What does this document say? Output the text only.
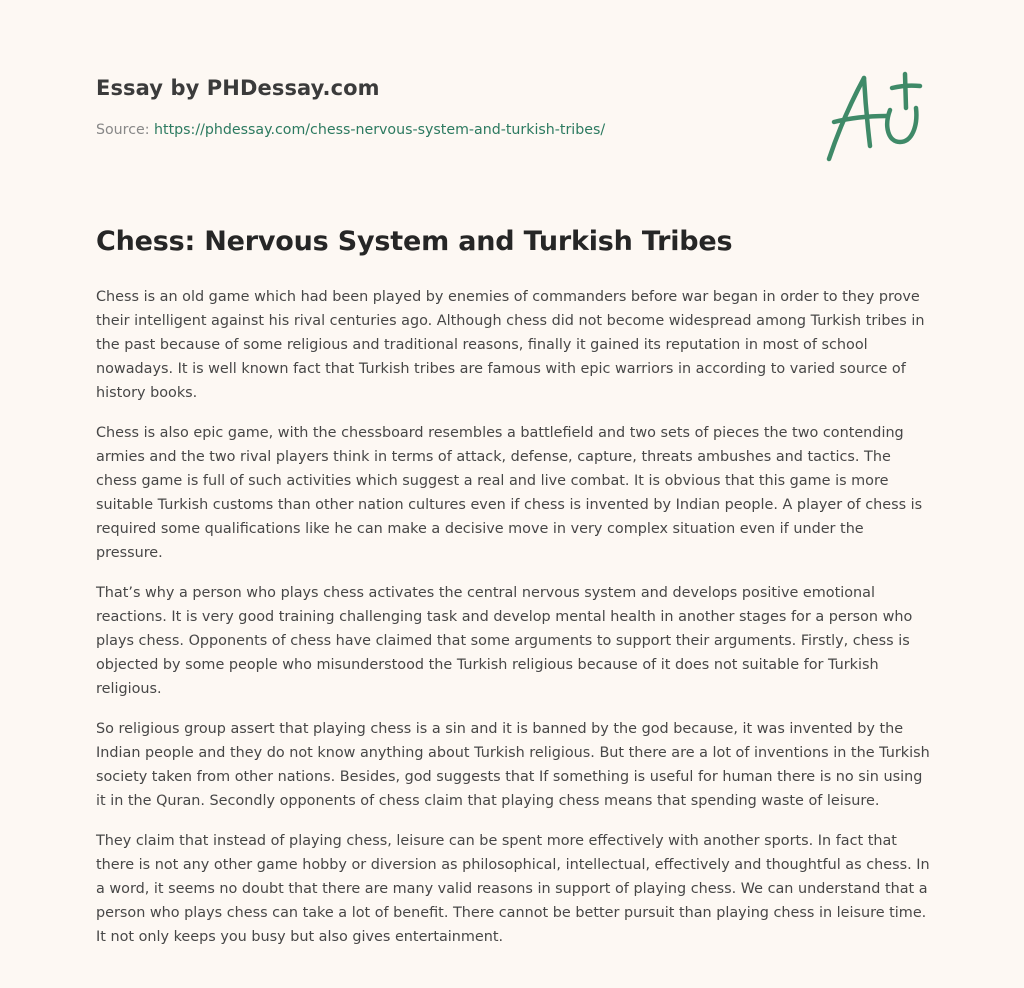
Essay by PHDessay.com
Source: https://phdessay.com/chess-nervous-system-and-turkish-tribes/
Chess: Nervous System and Turkish Tribes

Chess is an old game which had been played by enemies of commanders before war began in order to they prove their intelligent against his rival centuries ago. Although chess did not become widespread among Turkish tribes in the past because of some religious and traditional reasons, finally it gained its reputation in most of school nowadays. It is well known fact that Turkish tribes are famous with epic warriors in according to varied source of history books.

Chess is also epic game, with the chessboard resembles a battlefield and two sets of pieces the two contending armies and the two rival players think in terms of attack, defense, capture, threats ambushes and tactics. The chess game is full of such activities which suggest a real and live combat. It is obvious that this game is more suitable Turkish customs than other nation cultures even if chess is invented by Indian people. A player of chess is required some qualifications like he can make a decisive move in very complex situation even if under the pressure.

That’s why a person who plays chess activates the central nervous system and develops positive emotional reactions. It is very good training challenging task and develop mental health in another stages for a person who plays chess. Opponents of chess have claimed that some arguments to support their arguments. Firstly, chess is objected by some people who misunderstood the Turkish religious because of it does not suitable for Turkish religious.

So religious group assert that playing chess is a sin and it is banned by the god because, it was invented by the Indian people and they do not know anything about Turkish religious. But there are a lot of inventions in the Turkish society taken from other nations. Besides, god suggests that If something is useful for human there is no sin using it in the Quran. Secondly opponents of chess claim that playing chess means that spending waste of leisure.

They claim that instead of playing chess, leisure can be spent more effectively with another sports. In fact that there is not any other game hobby or diversion as philosophical, intellectual, effectively and thoughtful as chess. In a word, it seems no doubt that there are many valid reasons in support of playing chess. We can understand that a person who plays chess can take a lot of benefit. There cannot be better pursuit than playing chess in leisure time. It not only keeps you busy but also gives entertainment.
